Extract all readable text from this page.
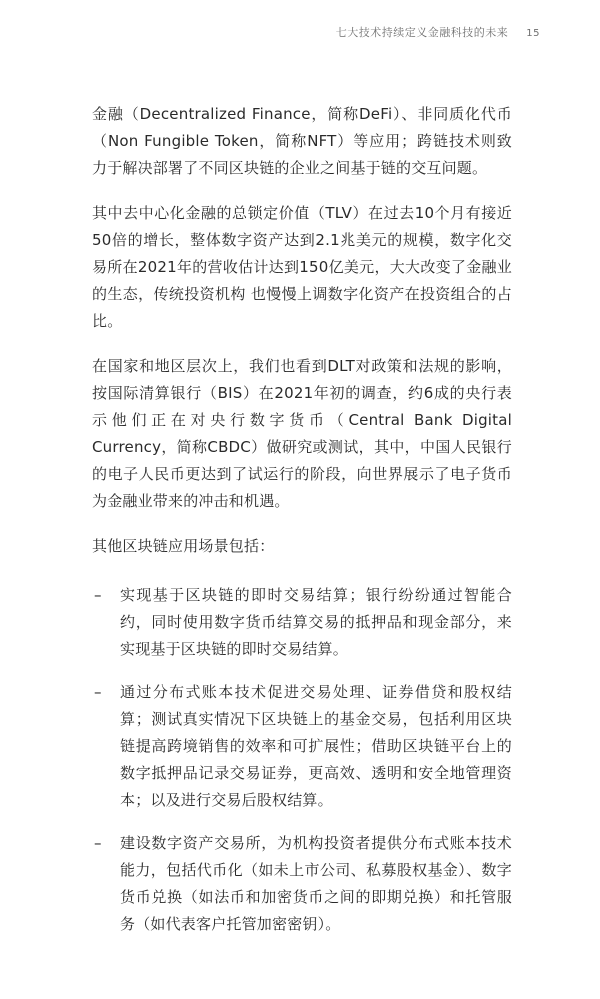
七大技术持续定义金融科技的未来 15

金融（Decentralized Finance，简称DeFi）、非同质化代币（Non Fungible Token，简称NFT）等应用；跨链技术则致力于解决部署了不同区块链的企业之间基于链的交互问题。

其中去中心化金融的总锁定价值（TLV）在过去10个月有接近50倍的增长，整体数字资产达到2.1兆美元的规模，数字化交易所在2021年的营收估计达到150亿美元，大大改变了金融业的生态，传统投资机构 也慢慢上调数字化资产在投资组合的占比。

在国家和地区层次上，我们也看到DLT对政策和法规的影响，按国际清算银行（BIS）在2021年初的调查，约6成的央行表示他们正在对央行数字货币（Central Bank Digital Currency，简称CBDC）做研究或测试，其中，中国人民银行的电子人民币更达到了试运行的阶段，向世界展示了电子货币为金融业带来的冲击和机遇。

其他区块链应用场景包括：

– 实现基于区块链的即时交易结算；银行纷纷通过智能合约，同时使用数字货币结算交易的抵押品和现金部分，来实现基于区块链的即时交易结算。
– 通过分布式账本技术促进交易处理、证券借贷和股权结算；测试真实情况下区块链上的基金交易，包括利用区块链提高跨境销售的效率和可扩展性；借助区块链平台上的数字抵押品记录交易证券，更高效、透明和安全地管理资本；以及进行交易后股权结算。
– 建设数字资产交易所，为机构投资者提供分布式账本技术能力，包括代币化（如未上市公司、私募股权基金）、数字货币兑换（如法币和加密货币之间的即期兑换）和托管服务（如代表客户托管加密密钥）。
